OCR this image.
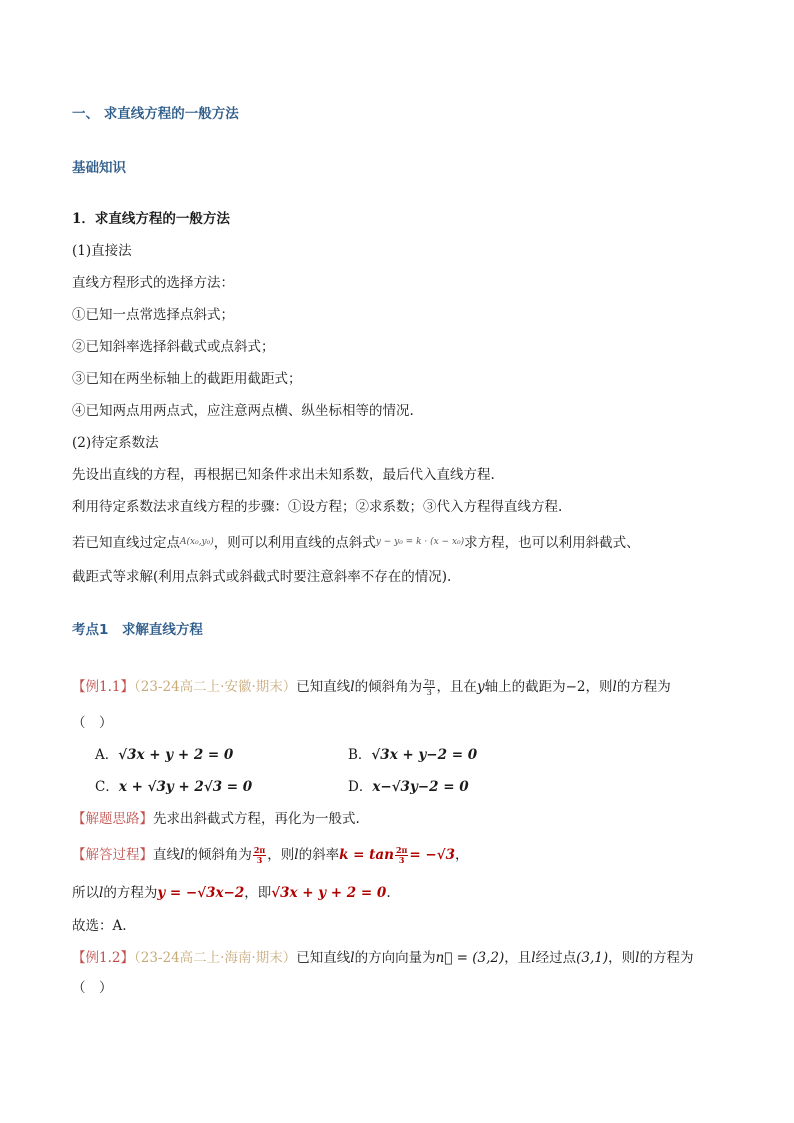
一、 求直线方程的一般方法
基础知识
1．求直线方程的一般方法
(1)直接法
直线方程形式的选择方法：
①已知一点常选择点斜式；
②已知斜率选择斜截式或点斜式；
③已知在两坐标轴上的截距用截距式；
④已知两点用两点式，应注意两点横、纵坐标相等的情况.
(2)待定系数法
先设出直线的方程，再根据已知条件求出未知系数，最后代入直线方程.
利用待定系数法求直线方程的步骤：①设方程；②求系数；③代入方程得直线方程.
若已知直线过定点$^{A(x_0,y_0)}$，则可以利用直线的点斜式$^{y - y_0 = k \cdot (x - x_0)}$求方程，也可以利用斜截式、
截距式等求解(利用点斜式或斜截式时要注意斜率不存在的情况).
考点1　求解直线方程
【例1.1】（23-24高二上·安徽·期末）已知直线l的倾斜角为 $\frac{2\pi}{3}$ ，且在y轴上的截距为−2，则l的方程为
（　）
A．√3x + y + 2 = 0	B．√3x + y−2 = 0
C．x + √3y + 2√3 = 0	D．x−√3y−2 = 0
【解题思路】先求出斜截式方程，再化为一般式.
【解答过程】直线l的倾斜角为 $\frac{2\pi}{3}$ ，则l的斜率$k = \tan \frac{2\pi}{3} = -√3$，
所以l的方程为y = −√3x−2，即√3x + y + 2 = 0.
故选：A.
【例1.2】（23-24高二上·海南·期末）已知直线l的方向向量为n⃗ = (3,2)，且l经过点(3,1)，则l的方程为
（　）
